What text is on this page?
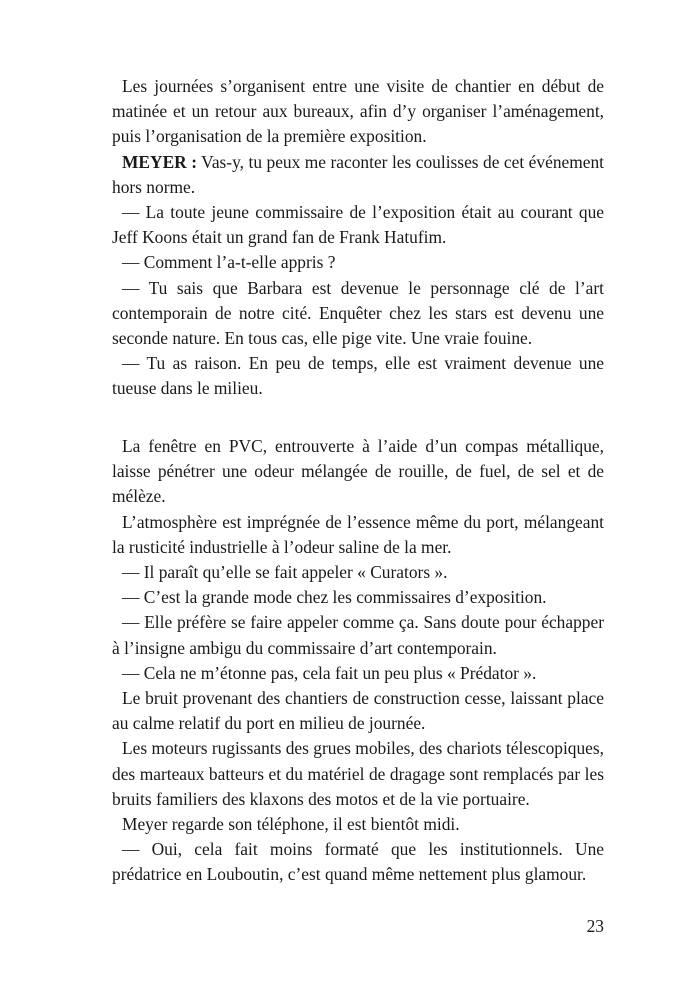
Les journées s’organisent entre une visite de chantier en début de matinée et un retour aux bureaux, afin d’y organiser l’aménagement, puis l’organisation de la première exposition.

MEYER : Vas-y, tu peux me raconter les coulisses de cet événement hors norme.

— La toute jeune commissaire de l’exposition était au courant que Jeff Koons était un grand fan de Frank Hatufim.

— Comment l’a-t-elle appris ?

— Tu sais que Barbara est devenue le personnage clé de l’art contemporain de notre cité. Enquêter chez les stars est devenu une seconde nature. En tous cas, elle pige vite. Une vraie fouine.

— Tu as raison. En peu de temps, elle est vraiment devenue une tueuse dans le milieu.

La fenêtre en PVC, entrouverte à l’aide d’un compas métallique, laisse pénétrer une odeur mélangée de rouille, de fuel, de sel et de mélèze.

L’atmosphère est imprégnée de l’essence même du port, mélangeant la rusticité industrielle à l’odeur saline de la mer.

— Il paraît qu’elle se fait appeler « Curators ».

— C’est la grande mode chez les commissaires d’exposition.

— Elle préfère se faire appeler comme ça. Sans doute pour échapper à l’insigne ambigu du commissaire d’art contemporain.

— Cela ne m’étonne pas, cela fait un peu plus « Prédator ».

Le bruit provenant des chantiers de construction cesse, laissant place au calme relatif du port en milieu de journée.

Les moteurs rugissants des grues mobiles, des chariots télescopiques, des marteaux batteurs et du matériel de dragage sont remplacés par les bruits familiers des klaxons des motos et de la vie portuaire.

Meyer regarde son téléphone, il est bientôt midi.

— Oui, cela fait moins formaté que les institutionnels. Une prédatrice en Louboutin, c’est quand même nettement plus glamour.

23
